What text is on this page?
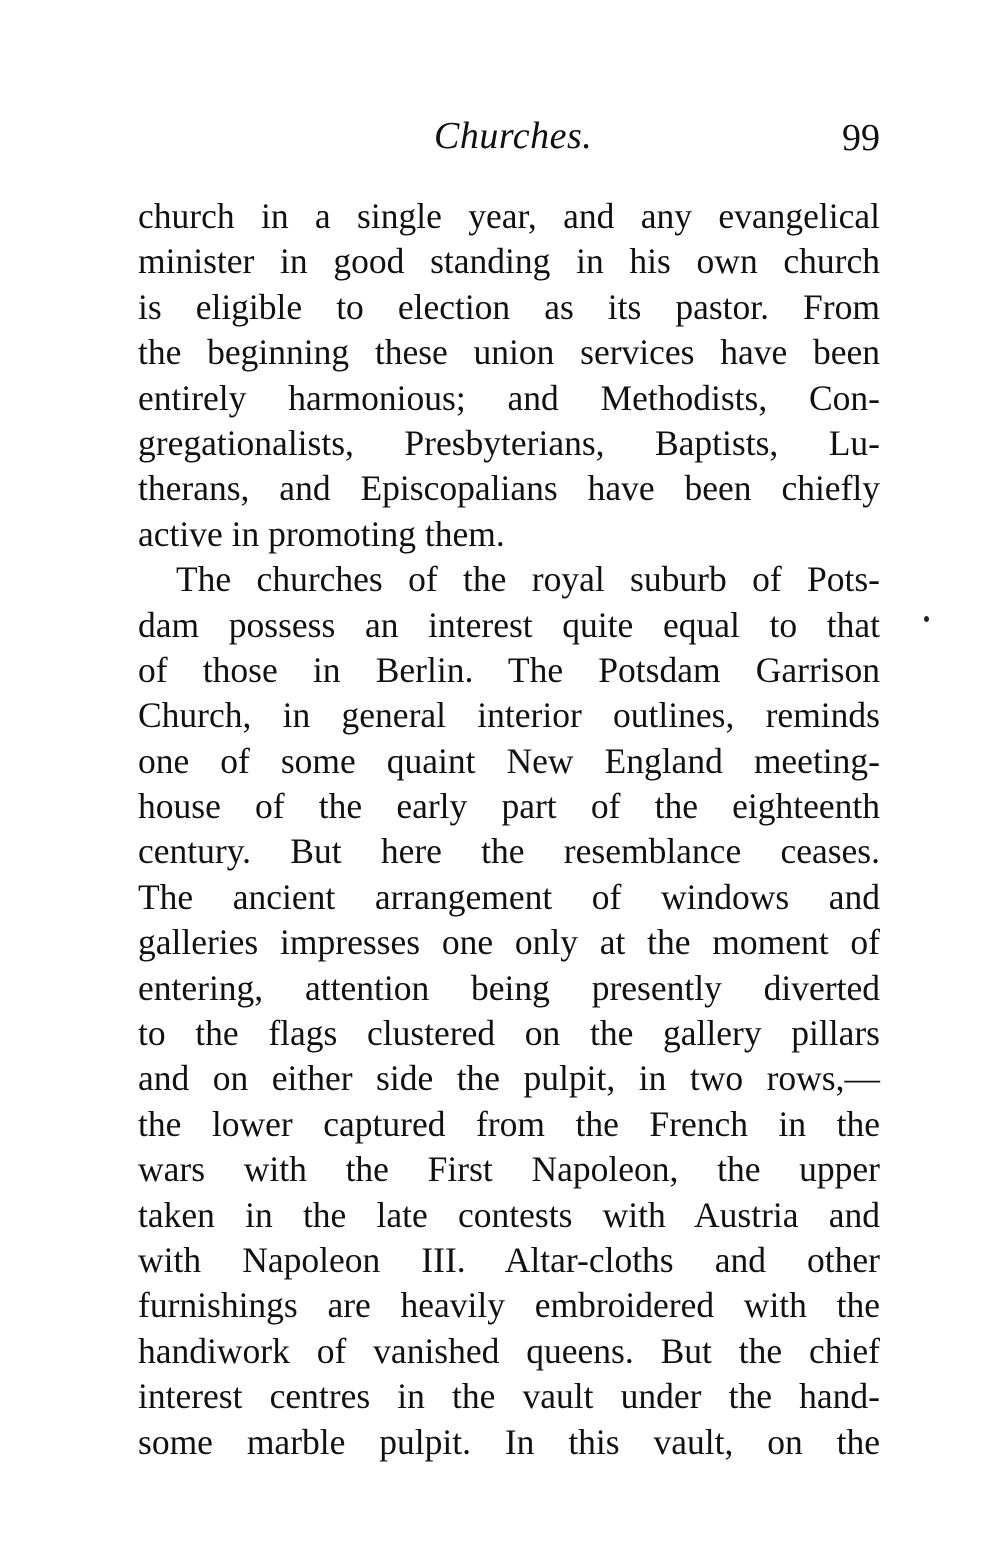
Churches.	99
church in a single year, and any evangelical
minister in good standing in his own church
is eligible to election as its pastor. From
the beginning these union services have been
entirely harmonious; and Methodists, Con-
gregationalists, Presbyterians, Baptists, Lu-
therans, and Episcopalians have been chiefly
active in promoting them.
The churches of the royal suburb of Pots-
dam possess an interest quite equal to that
of those in Berlin. The Potsdam Garrison
Church, in general interior outlines, reminds
one of some quaint New England meeting-
house of the early part of the eighteenth
century. But here the resemblance ceases.
The ancient arrangement of windows and
galleries impresses one only at the moment of
entering, attention being presently diverted
to the flags clustered on the gallery pillars
and on either side the pulpit, in two rows,—
the lower captured from the French in the
wars with the First Napoleon, the upper
taken in the late contests with Austria and
with Napoleon III. Altar-cloths and other
furnishings are heavily embroidered with the
handiwork of vanished queens. But the chief
interest centres in the vault under the hand-
some marble pulpit. In this vault, on the
